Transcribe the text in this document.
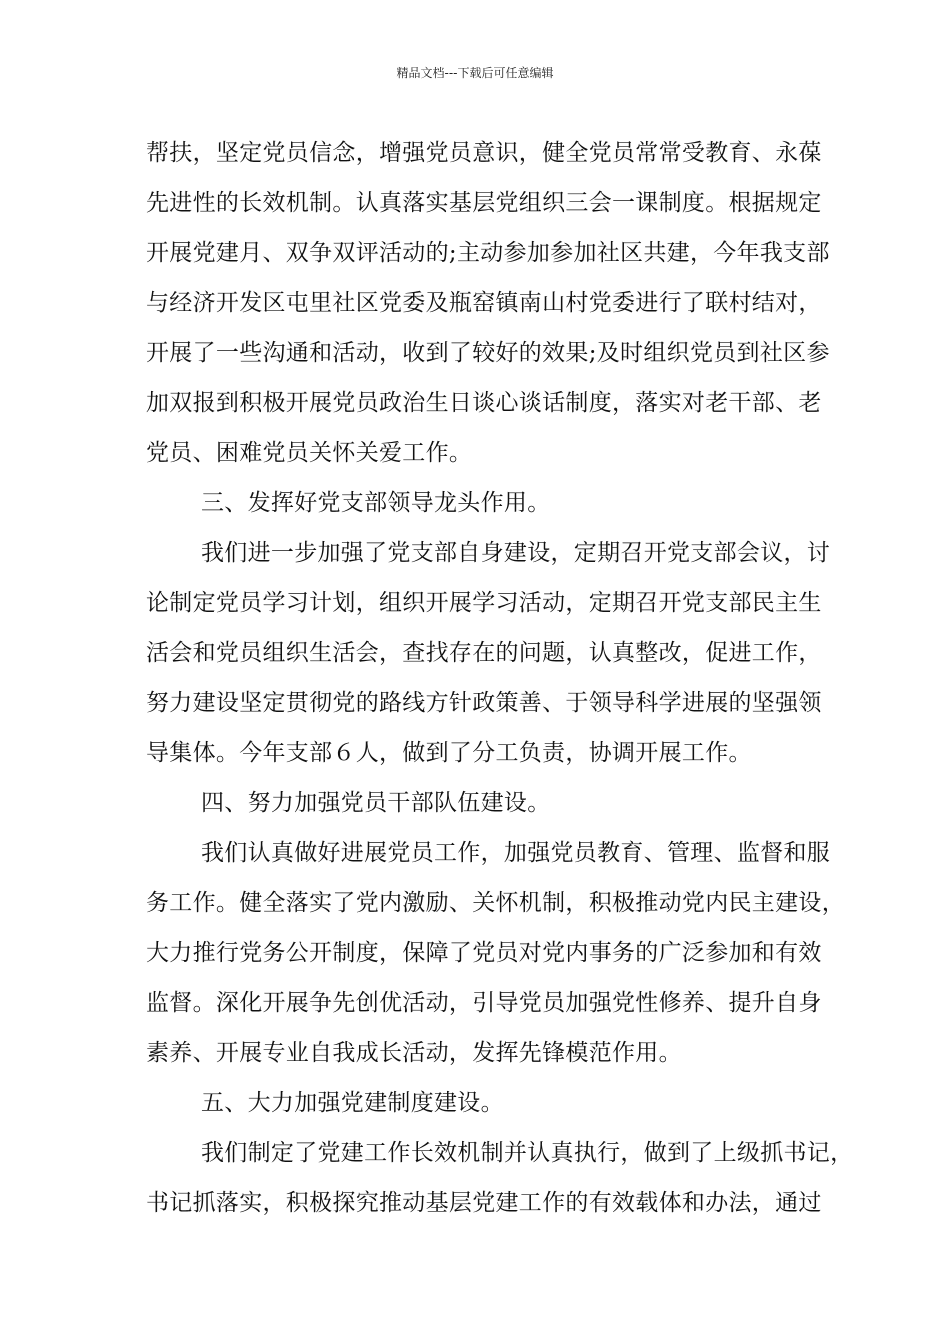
精品文档---下载后可任意编辑
帮扶，坚定党员信念，增强党员意识，健全党员常常受教育、永葆
先进性的长效机制。认真落实基层党组织三会一课制度。根据规定
开展党建月、双争双评活动的;主动参加参加社区共建，今年我支部
与经济开发区屯里社区党委及瓶窑镇南山村党委进行了联村结对，
开展了一些沟通和活动，收到了较好的效果;及时组织党员到社区参
加双报到积极开展党员政治生日谈心谈话制度，落实对老干部、老
党员、困难党员关怀关爱工作。
三、发挥好党支部领导龙头作用。
我们进一步加强了党支部自身建设，定期召开党支部会议，讨
论制定党员学习计划，组织开展学习活动，定期召开党支部民主生
活会和党员组织生活会，查找存在的问题，认真整改，促进工作，
努力建设坚定贯彻党的路线方针政策善、于领导科学进展的坚强领
导集体。今年支部６人，做到了分工负责，协调开展工作。
四、努力加强党员干部队伍建设。
我们认真做好进展党员工作，加强党员教育、管理、监督和服
务工作。健全落实了党内激励、关怀机制，积极推动党内民主建设，
大力推行党务公开制度，保障了党员对党内事务的广泛参加和有效
监督。深化开展争先创优活动，引导党员加强党性修养、提升自身
素养、开展专业自我成长活动，发挥先锋模范作用。
五、大力加强党建制度建设。
我们制定了党建工作长效机制并认真执行，做到了上级抓书记，
书记抓落实，积极探究推动基层党建工作的有效载体和办法，通过
